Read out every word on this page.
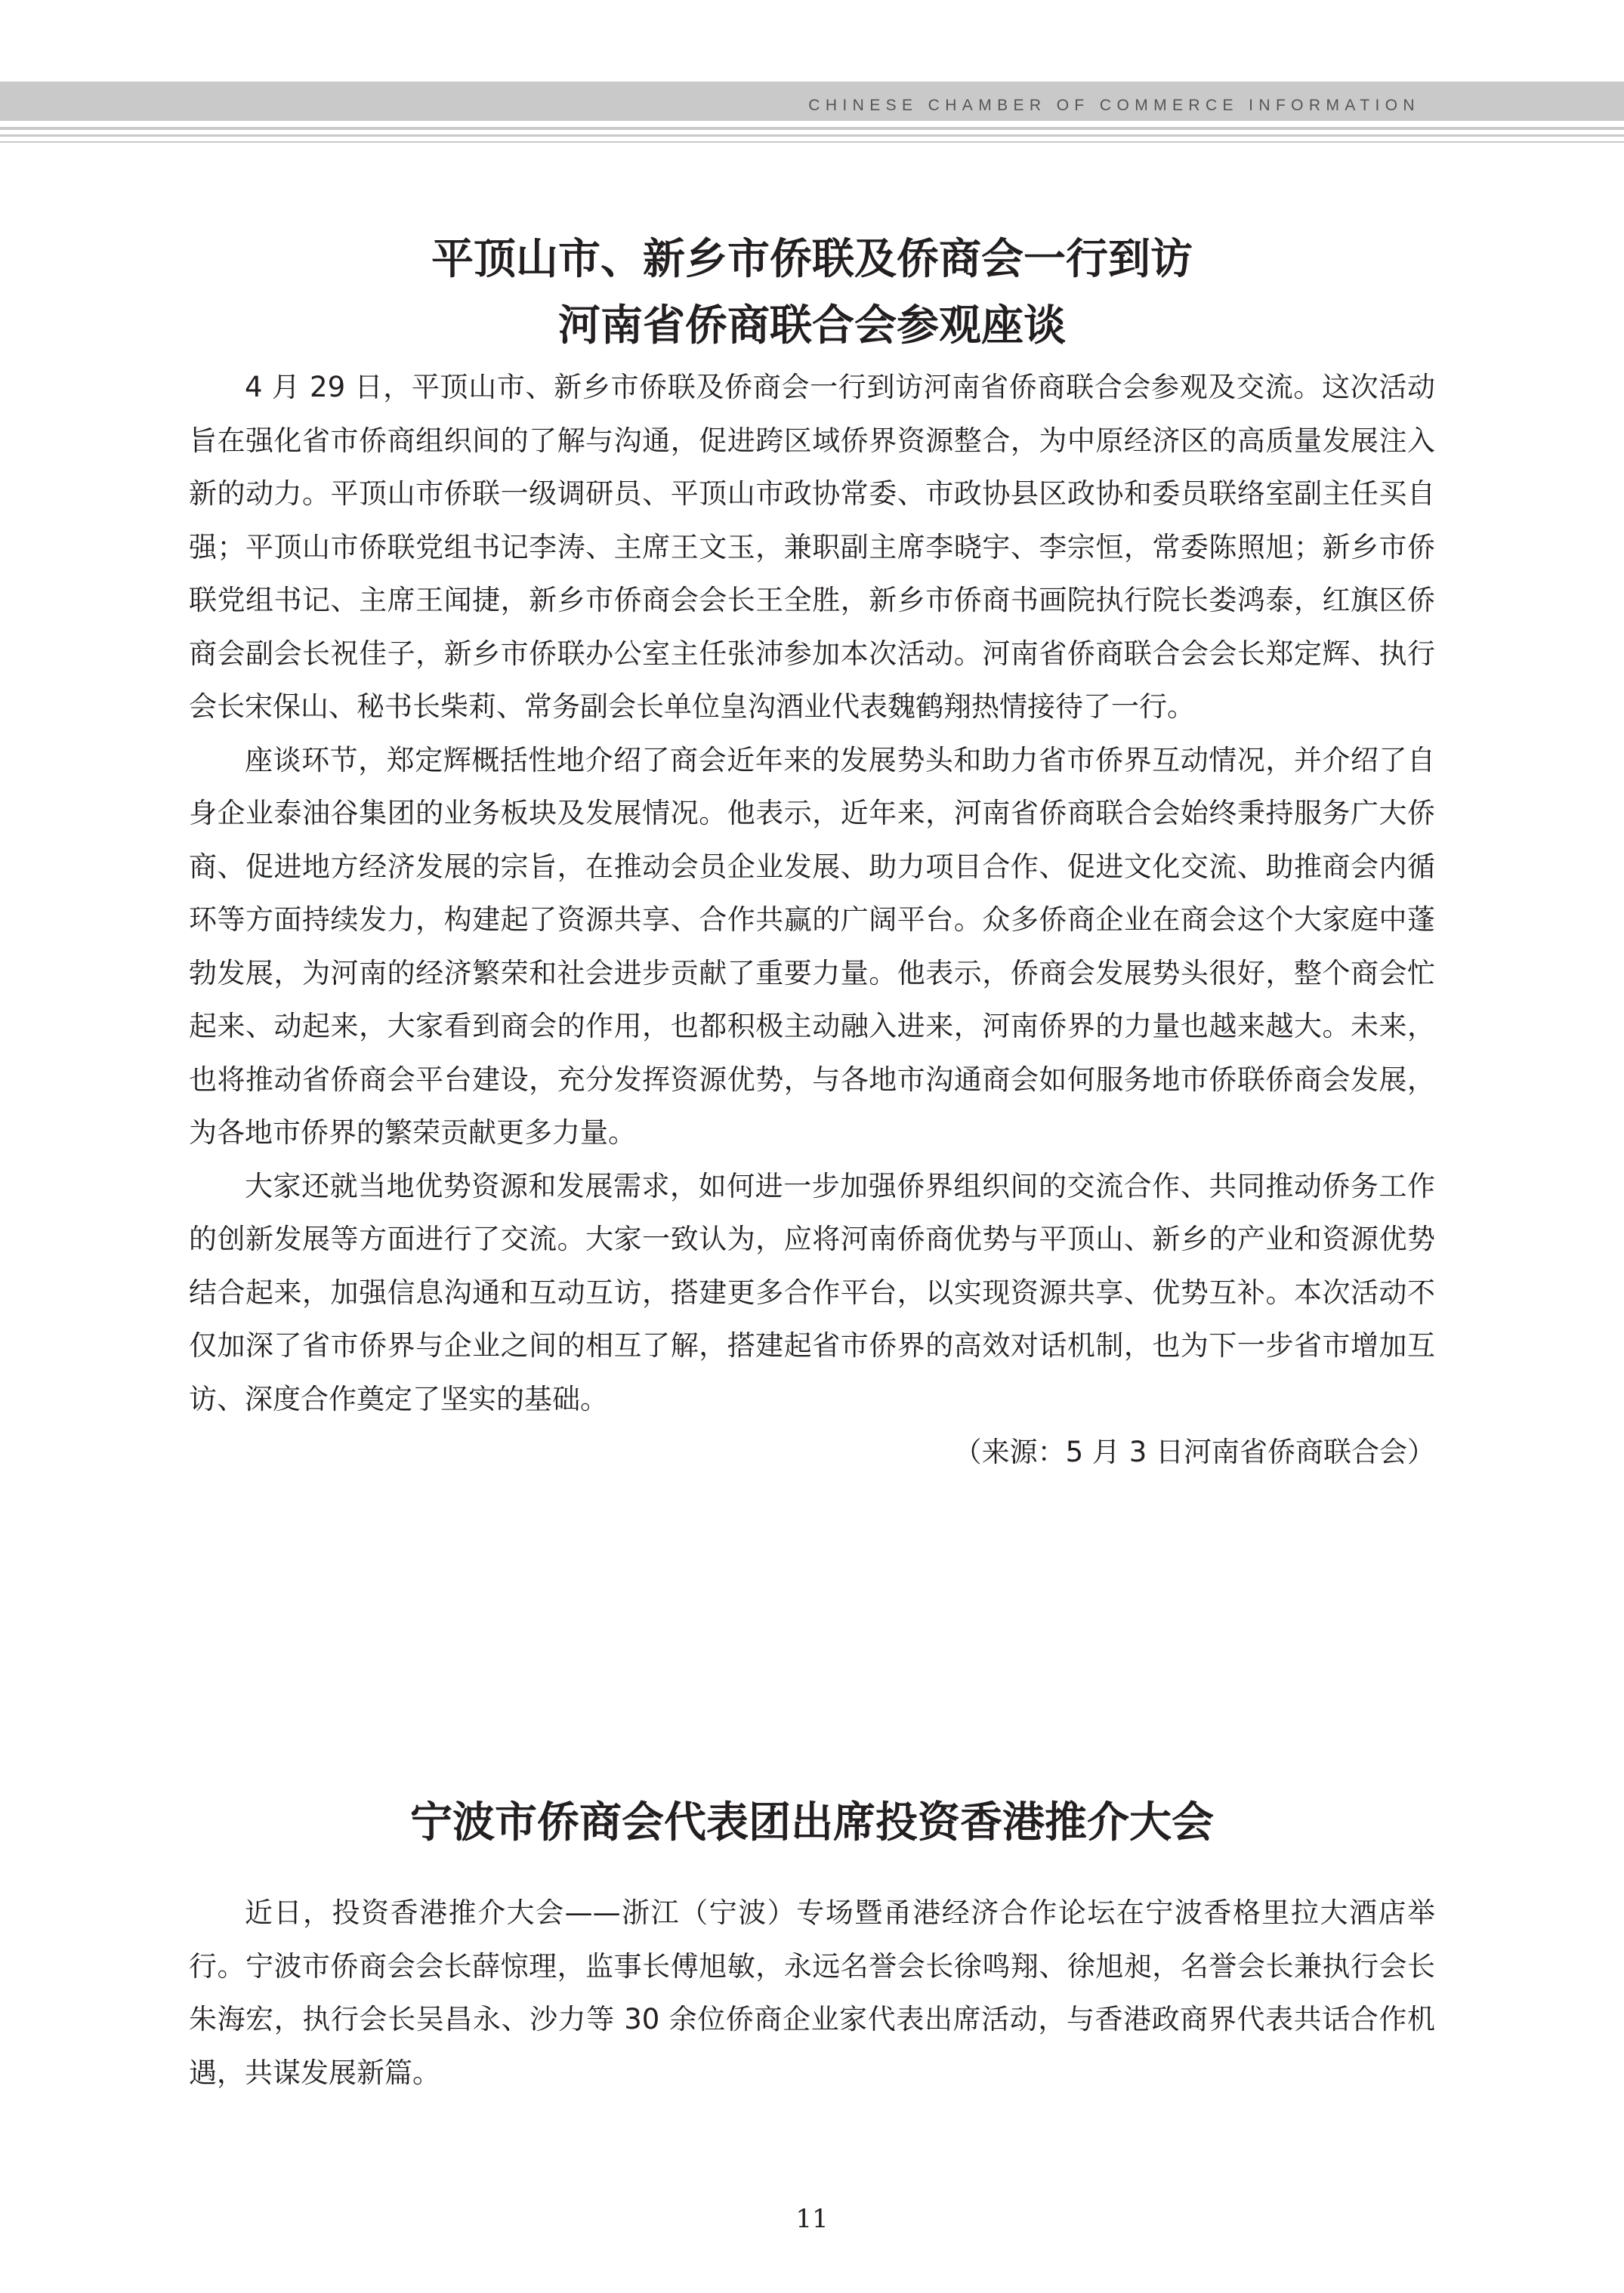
CHINESE CHAMBER OF COMMERCE INFORMATION
平顶山市、新乡市侨联及侨商会一行到访
河南省侨商联合会参观座谈

4 月 29 日，平顶山市、新乡市侨联及侨商会一行到访河南省侨商联合会参观及交流。这次活动旨在强化省市侨商组织间的了解与沟通，促进跨区域侨界资源整合，为中原经济区的高质量发展注入新的动力。平顶山市侨联一级调研员、平顶山市政协常委、市政协县区政协和委员联络室副主任买自强；平顶山市侨联党组书记李涛、主席王文玉，兼职副主席李晓宇、李宗恒，常委陈照旭；新乡市侨联党组书记、主席王闻捷，新乡市侨商会会长王全胜，新乡市侨商书画院执行院长娄鸿泰，红旗区侨商会副会长祝佳子，新乡市侨联办公室主任张沛参加本次活动。河南省侨商联合会会长郑定辉、执行会长宋保山、秘书长柴莉、常务副会长单位皇沟酒业代表魏鹤翔热情接待了一行。

座谈环节，郑定辉概括性地介绍了商会近年来的发展势头和助力省市侨界互动情况，并介绍了自身企业泰油谷集团的业务板块及发展情况。他表示，近年来，河南省侨商联合会始终秉持服务广大侨商、促进地方经济发展的宗旨，在推动会员企业发展、助力项目合作、促进文化交流、助推商会内循环等方面持续发力，构建起了资源共享、合作共赢的广阔平台。众多侨商企业在商会这个大家庭中蓬勃发展，为河南的经济繁荣和社会进步贡献了重要力量。他表示，侨商会发展势头很好，整个商会忙起来、动起来，大家看到商会的作用，也都积极主动融入进来，河南侨界的力量也越来越大。未来，也将推动省侨商会平台建设，充分发挥资源优势，与各地市沟通商会如何服务地市侨联侨商会发展，为各地市侨界的繁荣贡献更多力量。

大家还就当地优势资源和发展需求，如何进一步加强侨界组织间的交流合作、共同推动侨务工作的创新发展等方面进行了交流。大家一致认为，应将河南侨商优势与平顶山、新乡的产业和资源优势结合起来，加强信息沟通和互动互访，搭建更多合作平台，以实现资源共享、优势互补。本次活动不仅加深了省市侨界与企业之间的相互了解，搭建起省市侨界的高效对话机制，也为下一步省市增加互访、深度合作奠定了坚实的基础。

（来源：5 月 3 日河南省侨商联合会）

宁波市侨商会代表团出席投资香港推介大会

近日，投资香港推介大会——浙江（宁波）专场暨甬港经济合作论坛在宁波香格里拉大酒店举行。宁波市侨商会会长薛惊理，监事长傅旭敏，永远名誉会长徐鸣翔、徐旭昶，名誉会长兼执行会长朱海宏，执行会长吴昌永、沙力等 30 余位侨商企业家代表出席活动，与香港政商界代表共话合作机遇，共谋发展新篇。

11
